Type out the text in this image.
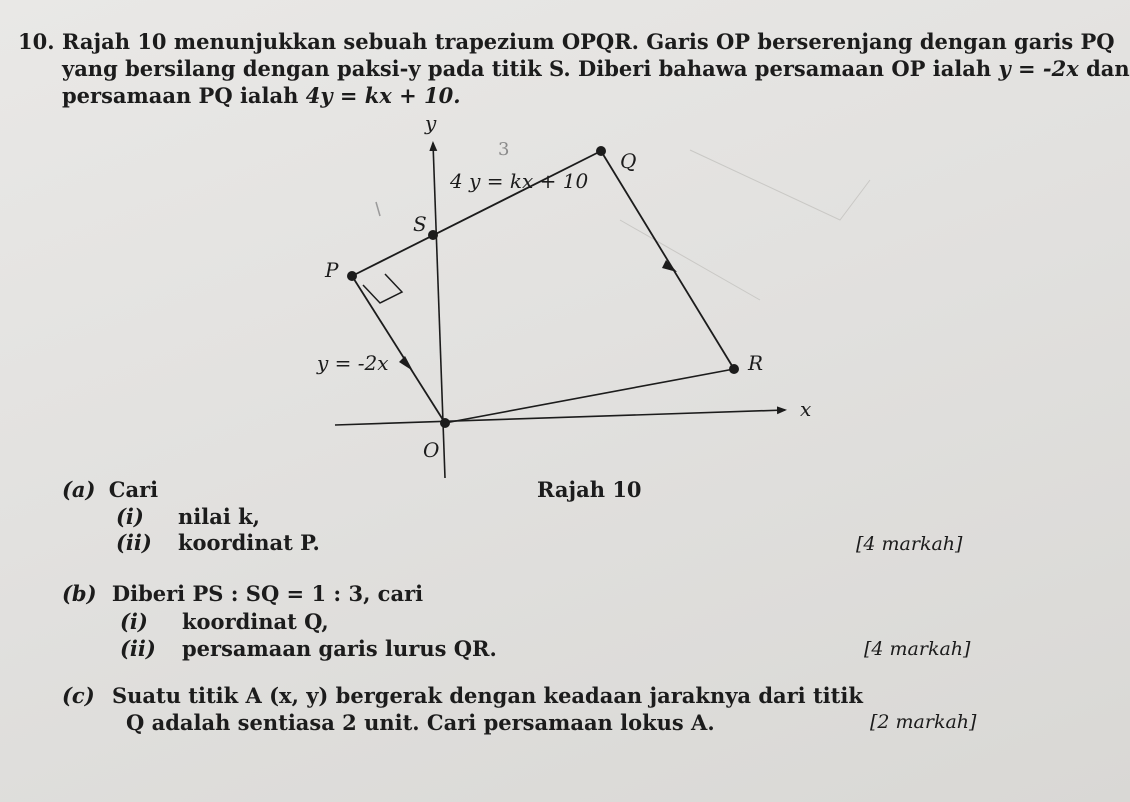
10. Rajah 10 menunjukkan sebuah trapezium OPQR. Garis OP berserenjang dengan garis PQ
yang bersilang dengan paksi-y pada titik S. Diberi bahawa persamaan OP ialah y = -2x dan
persamaan PQ ialah 4y = kx + 10.
y
x
O
P
Q
R
S
4 y = kx + 10
y = -2x
3
Rajah 10
(a) Cari
(i) nilai k,
(ii) koordinat P.	[4 markah]
(b) Diberi PS : SQ = 1 : 3, cari
(i) koordinat Q,
(ii) persamaan garis lurus QR.	[4 markah]
(c) Suatu titik A (x, y) bergerak dengan keadaan jaraknya dari titik
Q adalah sentiasa 2 unit. Cari persamaan lokus A.	[2 markah]
